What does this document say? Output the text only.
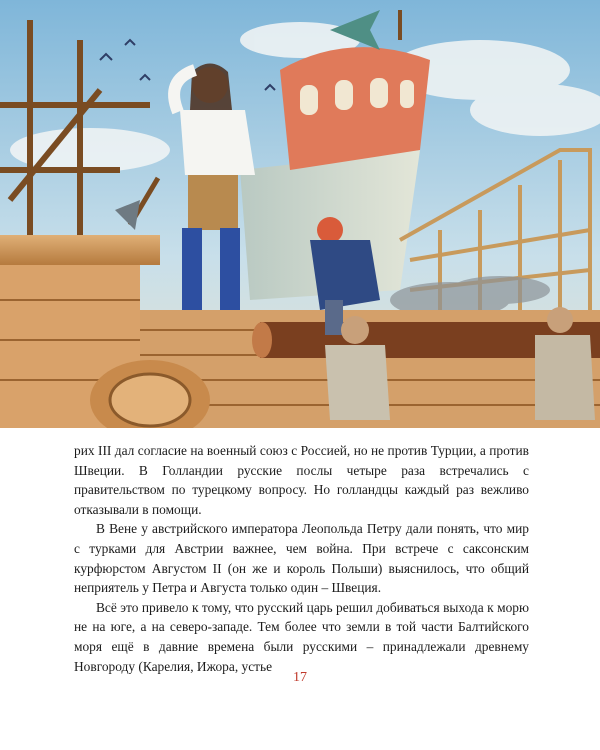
рих III дал согласие на военный союз с Россией, но не против Турции, а против Швеции. В Голландии русские послы четыре раза встречались с правительством по турецкому вопросу. Но голландцы каждый раз вежливо отказывали в помощи.

В Вене у австрийского императора Леопольда Петру дали понять, что мир с турками для Австрии важнее, чем война. При встрече с саксонским курфюрстом Августом II (он же и король Польши) выяснилось, что общий неприятель у Петра и Августа только один – Швеция.

Всё это привело к тому, что русский царь решил добиваться выхода к морю не на юге, а на северо-западе. Тем более что земли в той части Балтийского моря ещё в давние времена были русскими – принадлежали древнему Новгороду (Карелия, Ижора, устье

17
